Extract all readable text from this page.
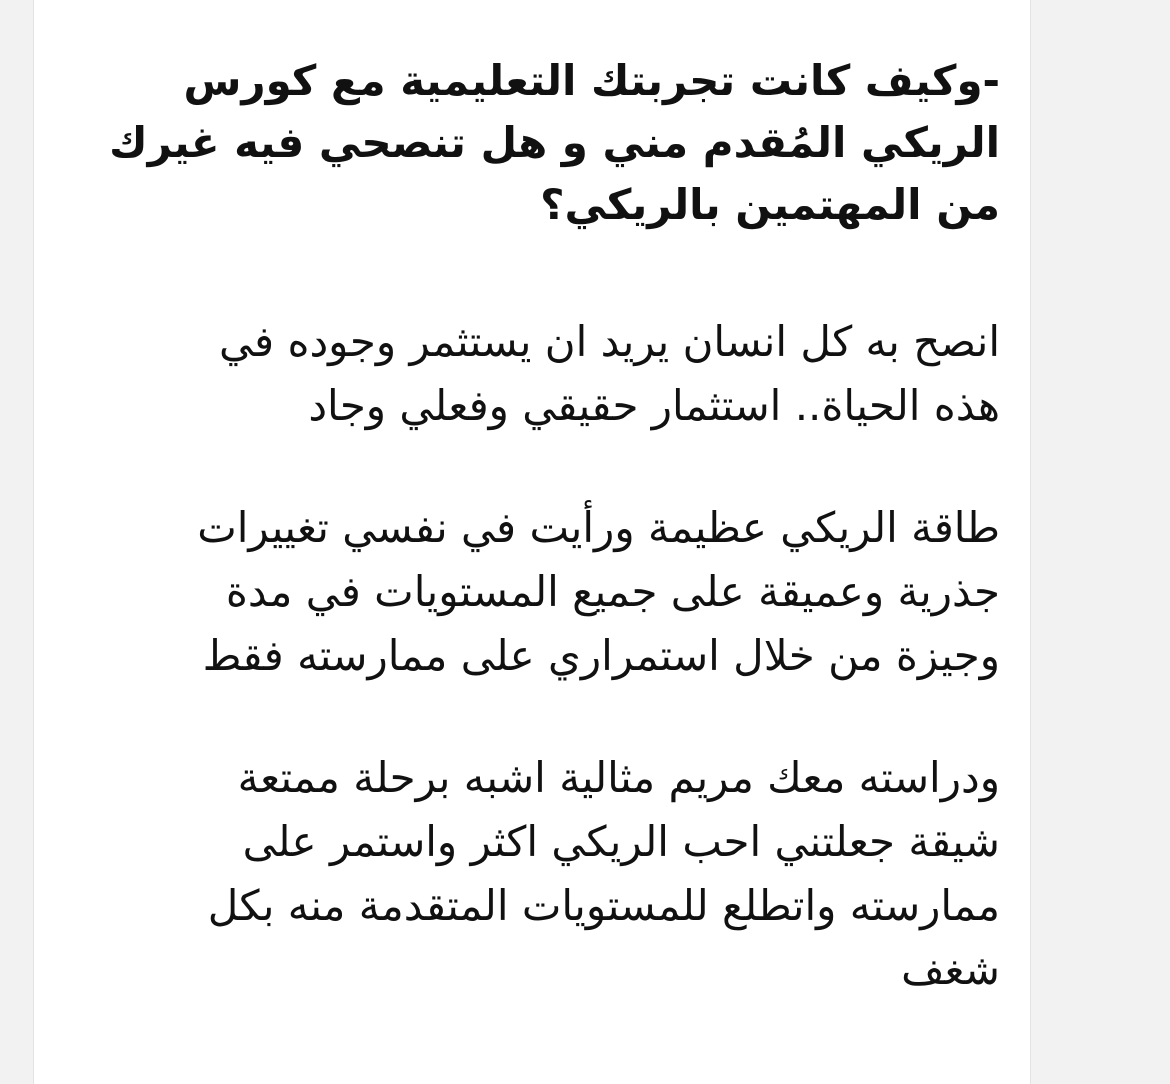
-وكيف كانت تجربتك التعليمية مع كورس
الريكي المُقدم مني و هل تنصحي فيه غيرك
من المهتمين بالريكي؟

انصح به كل انسان يريد ان يستثمر وجوده في
هذه الحياة.. استثمار حقيقي وفعلي وجاد

طاقة الريكي عظيمة ورأيت في نفسي تغييرات
جذرية وعميقة على جميع المستويات في مدة
وجيزة من خلال استمراري على ممارسته فقط

ودراسته معك مريم مثالية اشبه برحلة ممتعة
شيقة جعلتني احب الريكي اكثر واستمر على
ممارسته واتطلع للمستويات المتقدمة منه بكل
شغف
